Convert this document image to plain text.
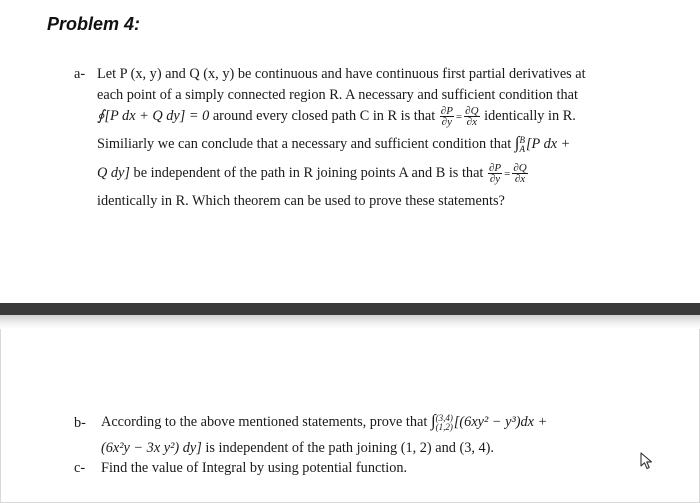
Problem 4:
a- Let P (x, y) and Q (x, y) be continuous and have continuous first partial derivatives at
each point of a simply connected region R. A necessary and sufficient condition that
∮[P dx + Q dy] = 0 around every closed path C in R is that $\frac{\partial P}{\partial y} = \frac{\partial Q}{\partial x}$ identically in R.
Similiarly we can conclude that a necessary and sufficient condition that ∫ B
A [P dx +
Q dy] be independent of the path in R joining points A and B is that $\frac{\partial P}{\partial y} = \frac{\partial Q}{\partial x}$
identically in R. Which theorem can be used to prove these statements?
b- According to the above mentioned statements, prove that ∫ (3,4)
(1,2) [(6xy² − y³)dx +
(6x²y − 3x y²) dy] is independent of the path joining (1, 2) and (3, 4).
c- Find the value of Integral by using potential function.
